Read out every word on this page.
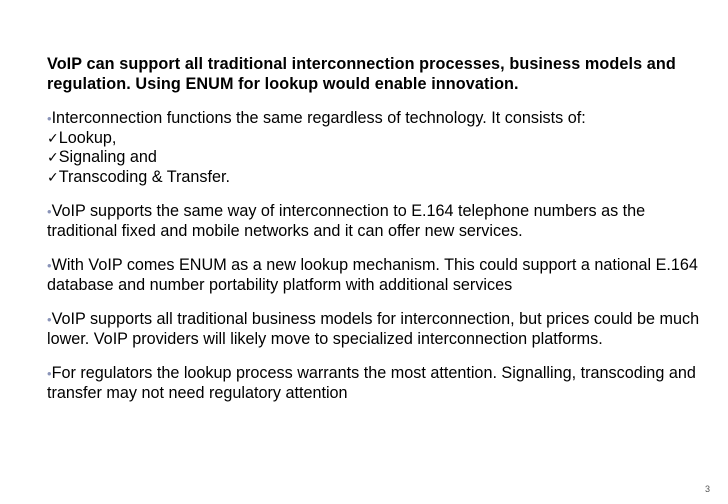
VoIP can support all traditional interconnection processes, business models and regulation. Using ENUM for lookup would enable innovation.
•Interconnection functions the same regardless of technology. It consists of:
✓Lookup,
✓Signaling and
✓Transcoding & Transfer.
•VoIP supports the same way of interconnection to E.164 telephone numbers as the traditional fixed and mobile networks and it can offer new services.
•With VoIP comes ENUM as a new lookup mechanism. This could support a national E.164 database and number portability platform with additional services
•VoIP supports all traditional business models for interconnection, but prices could be much lower. VoIP providers will likely move to specialized interconnection platforms.
•For regulators the lookup process warrants the most attention. Signalling, transcoding and transfer may not need regulatory attention
3
